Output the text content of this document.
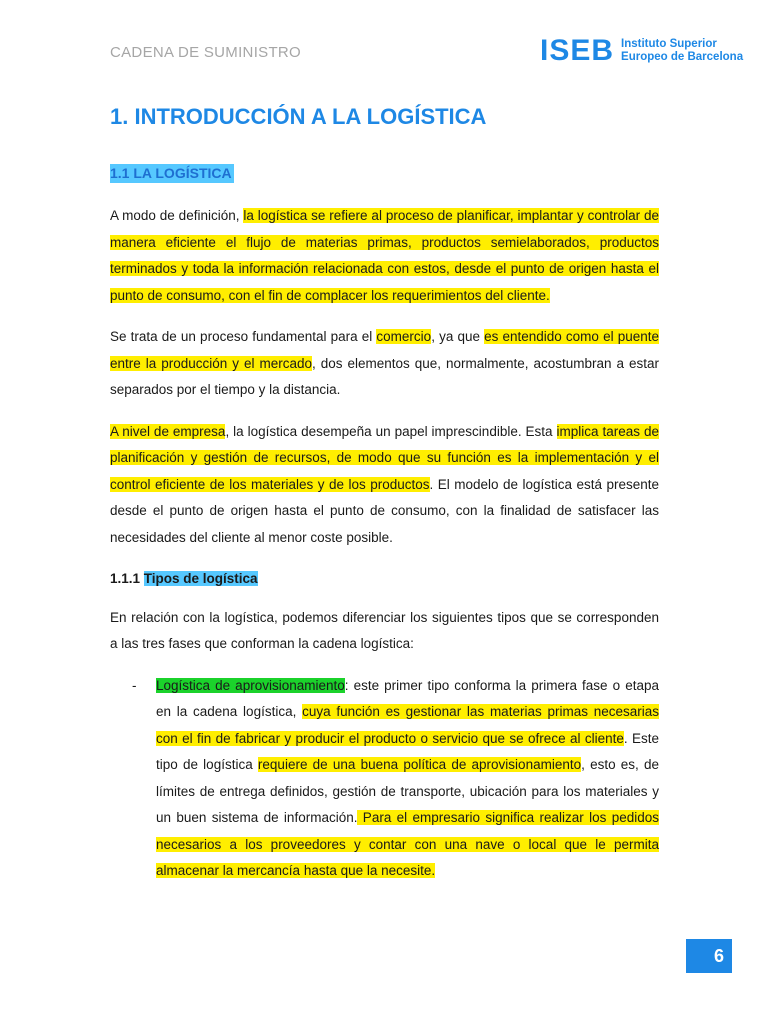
CADENA DE SUMINISTRO	ISEB Instituto Superior
Europeo de Barcelona
1. INTRODUCCIÓN A LA LOGÍSTICA
1.1 LA LOGÍSTICA

A modo de definición, la logística se refiere al proceso de planificar, implantar y controlar de manera eficiente el flujo de materias primas, productos semielaborados, productos terminados y toda la información relacionada con estos, desde el punto de origen hasta el punto de consumo, con el fin de complacer los requerimientos del cliente.

Se trata de un proceso fundamental para el comercio, ya que es entendido como el puente entre la producción y el mercado, dos elementos que, normalmente, acostumbran a estar separados por el tiempo y la distancia.

A nivel de empresa, la logística desempeña un papel imprescindible. Esta implica tareas de planificación y gestión de recursos, de modo que su función es la implementación y el control eficiente de los materiales y de los productos. El modelo de logística está presente desde el punto de origen hasta el punto de consumo, con la finalidad de satisfacer las necesidades del cliente al menor coste posible.

1.1.1 Tipos de logística

En relación con la logística, podemos diferenciar los siguientes tipos que se corresponden a las tres fases que conforman la cadena logística:

- Logística de aprovisionamiento: este primer tipo conforma la primera fase o etapa en la cadena logística, cuya función es gestionar las materias primas necesarias con el fin de fabricar y producir el producto o servicio que se ofrece al cliente. Este tipo de logística requiere de una buena política de aprovisionamiento, esto es, de límites de entrega definidos, gestión de transporte, ubicación para los materiales y un buen sistema de información. Para el empresario significa realizar los pedidos necesarios a los proveedores y contar con una nave o local que le permita almacenar la mercancía hasta que la necesite.
6
